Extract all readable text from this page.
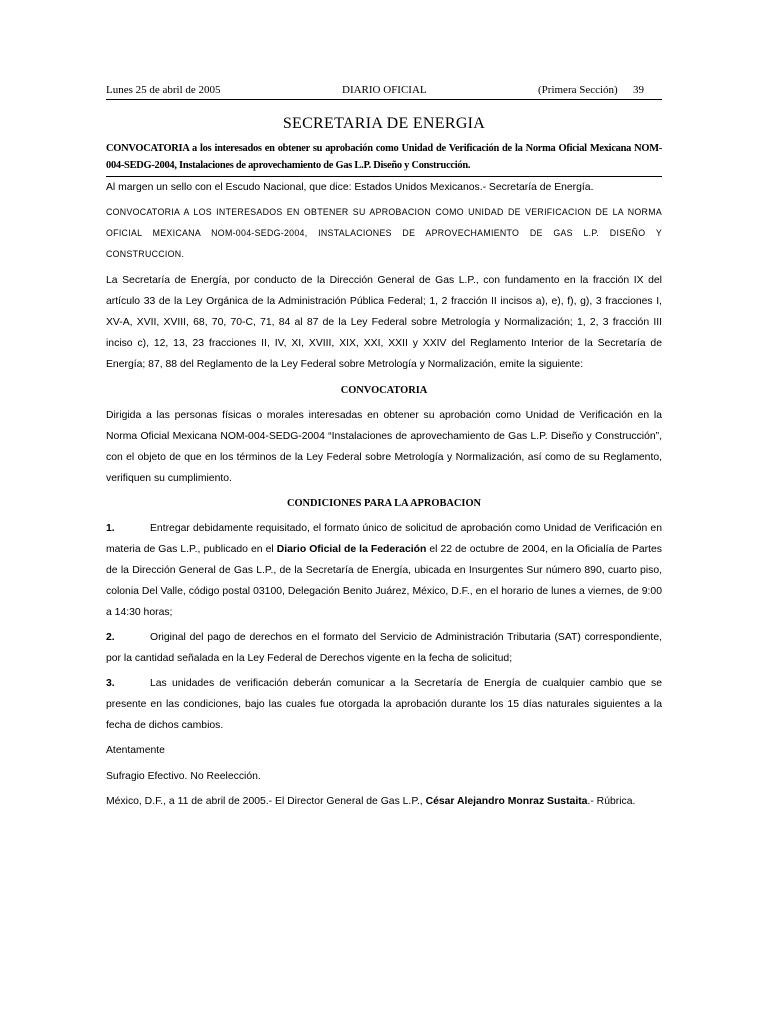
Lunes 25 de abril de 2005	DIARIO OFICIAL	(Primera Sección) 39
SECRETARIA DE ENERGIA
CONVOCATORIA a los interesados en obtener su aprobación como Unidad de Verificación de la Norma Oficial Mexicana NOM-004-SEDG-2004, Instalaciones de aprovechamiento de Gas L.P. Diseño y Construcción.

Al margen un sello con el Escudo Nacional, que dice: Estados Unidos Mexicanos.- Secretaría de Energía.

CONVOCATORIA A LOS INTERESADOS EN OBTENER SU APROBACION COMO UNIDAD DE VERIFICACION DE LA NORMA OFICIAL MEXICANA NOM-004-SEDG-2004, INSTALACIONES DE APROVECHAMIENTO DE GAS L.P. DISEÑO Y CONSTRUCCION.

La Secretaría de Energía, por conducto de la Dirección General de Gas L.P., con fundamento en la fracción IX del artículo 33 de la Ley Orgánica de la Administración Pública Federal; 1, 2 fracción II incisos a), e), f), g), 3 fracciones I, XV-A, XVII, XVIII, 68, 70, 70-C, 71, 84 al 87 de la Ley Federal sobre Metrología y Normalización; 1, 2, 3 fracción III inciso c), 12, 13, 23 fracciones II, IV, XI, XVIII, XIX, XXI, XXII y XXIV del Reglamento Interior de la Secretaría de Energía; 87, 88 del Reglamento de la Ley Federal sobre Metrología y Normalización, emite la siguiente:

CONVOCATORIA

Dirigida a las personas físicas o morales interesadas en obtener su aprobación como Unidad de Verificación en la Norma Oficial Mexicana NOM-004-SEDG-2004 “Instalaciones de aprovechamiento de Gas L.P. Diseño y Construcción”, con el objeto de que en los términos de la Ley Federal sobre Metrología y Normalización, así como de su Reglamento, verifiquen su cumplimiento.

CONDICIONES PARA LA APROBACION

1.	Entregar debidamente requisitado, el formato único de solicitud de aprobación como Unidad de Verificación en materia de Gas L.P., publicado en el Diario Oficial de la Federación el 22 de octubre de 2004, en la Oficialía de Partes de la Dirección General de Gas L.P., de la Secretaría de Energía, ubicada en Insurgentes Sur número 890, cuarto piso, colonia Del Valle, código postal 03100, Delegación Benito Juárez, México, D.F., en el horario de lunes a viernes, de 9:00 a 14:30 horas;

2.	Original del pago de derechos en el formato del Servicio de Administración Tributaria (SAT) correspondiente, por la cantidad señalada en la Ley Federal de Derechos vigente en la fecha de solicitud;

3.	Las unidades de verificación deberán comunicar a la Secretaría de Energía de cualquier cambio que se presente en las condiciones, bajo las cuales fue otorgada la aprobación durante los 15 días naturales siguientes a la fecha de dichos cambios.

Atentamente

Sufragio Efectivo. No Reelección.

México, D.F., a 11 de abril de 2005.- El Director General de Gas L.P., César Alejandro Monraz Sustaita.- Rúbrica.
